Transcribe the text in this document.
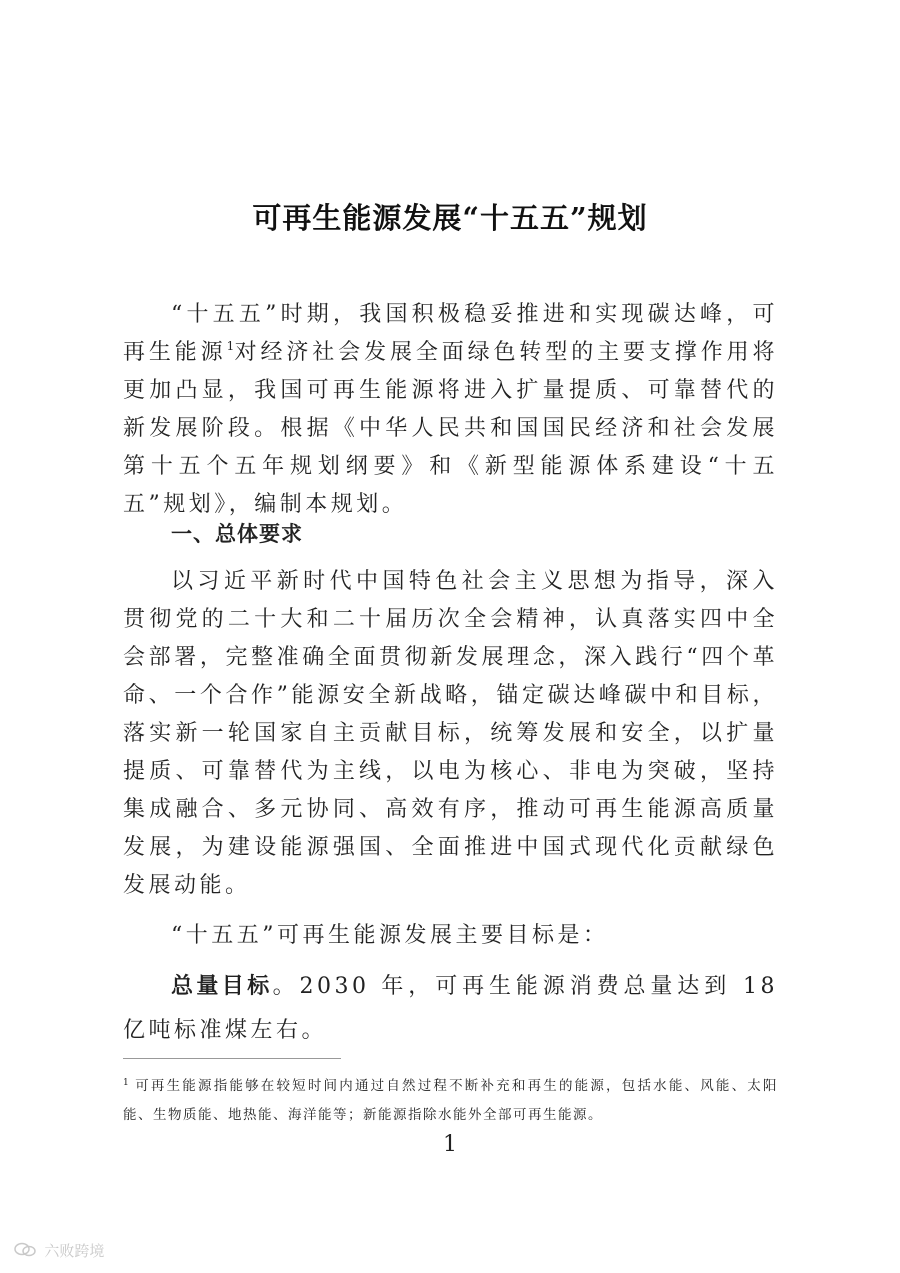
可再生能源发展“十五五”规划

“十五五”时期，我国积极稳妥推进和实现碳达峰，可再生能源$^1$对经济社会发展全面绿色转型的主要支撑作用将更加凸显，我国可再生能源将进入扩量提质、可靠替代的新发展阶段。根据《中华人民共和国国民经济和社会发展第十五个五年规划纲要》和《新型能源体系建设“十五五”规划》，编制本规划。

一、总体要求

以习近平新时代中国特色社会主义思想为指导，深入贯彻党的二十大和二十届历次全会精神，认真落实四中全会部署，完整准确全面贯彻新发展理念，深入践行“四个革命、一个合作”能源安全新战略，锚定碳达峰碳中和目标，落实新一轮国家自主贡献目标，统筹发展和安全，以扩量提质、可靠替代为主线，以电为核心、非电为突破，坚持集成融合、多元协同、高效有序，推动可再生能源高质量发展，为建设能源强国、全面推进中国式现代化贡献绿色发展动能。

“十五五”可再生能源发展主要目标是：

总量目标。2030 年，可再生能源消费总量达到 18 亿吨标准煤左右。

$^1$ 可再生能源指能够在较短时间内通过自然过程不断补充和再生的能源，包括水能、风能、太阳能、生物质能、地热能、海洋能等；新能源指除水能外全部可再生能源。

1
六败跨境
